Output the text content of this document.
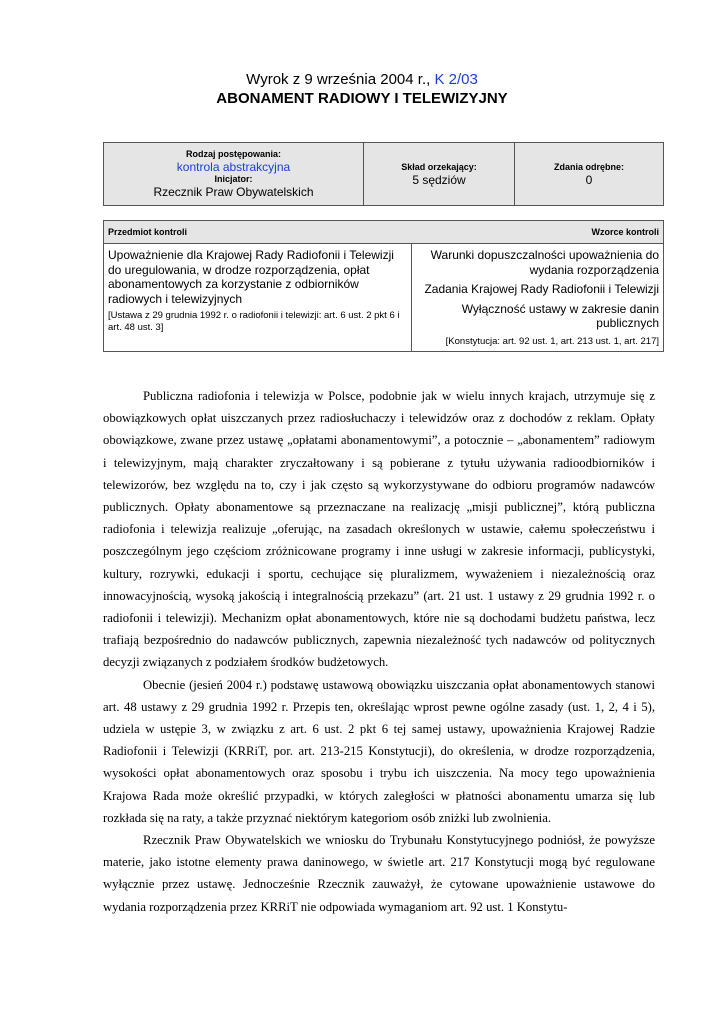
Wyrok z 9 września 2004 r., K 2/03
ABONAMENT RADIOWY I TELEWIZYJNY
Rodzaj postępowania:
kontrola abstrakcyjna
Inicjator:
Rzecznik Praw Obywatelskich
Skład orzekający:
5 sędziów
Zdania odrębne:
0
Przedmiot kontroli	Wzorce kontroli
Upoważnienie dla Krajowej Rady Radiofonii i Telewizji do uregulowania, w drodze rozporządzenia, opłat abonamentowych za korzystanie z odbiorników radiowych i telewizyjnych
[Ustawa z 29 grudnia 1992 r. o radiofonii i telewizji: art. 6 ust. 2 pkt 6 i art. 48 ust. 3]
Warunki dopuszczalności upoważnienia do wydania rozporządzenia
Zadania Krajowej Rady Radiofonii i Telewizji
Wyłączność ustawy w zakresie danin publicznych
[Konstytucja: art. 92 ust. 1, art. 213 ust. 1, art. 217]

Publiczna radiofonia i telewizja w Polsce, podobnie jak w wielu innych krajach, utrzymuje się z obowiązkowych opłat uiszczanych przez radiosłuchaczy i telewidzów oraz z dochodów z reklam. Opłaty obowiązkowe, zwane przez ustawę „opłatami abonamentowymi”, a potocznie – „abonamentem” radiowym i telewizyjnym, mają charakter zryczałtowany i są pobierane z tytułu używania radioodbiorników i telewizorów, bez względu na to, czy i jak często są wykorzystywane do odbioru programów nadawców publicznych. Opłaty abonamentowe są przeznaczane na realizację „misji publicznej”, którą publiczna radiofonia i telewizja realizuje „oferując, na zasadach określonych w ustawie, całemu społeczeństwu i poszczególnym jego częściom zróżnicowane programy i inne usługi w zakresie informacji, publicystyki, kultury, rozrywki, edukacji i sportu, cechujące się pluralizmem, wyważeniem i niezależnością oraz innowacyjnością, wysoką jakością i integralnością przekazu” (art. 21 ust. 1 ustawy z 29 grudnia 1992 r. o radiofonii i telewizji). Mechanizm opłat abonamentowych, które nie są dochodami budżetu państwa, lecz trafiają bezpośrednio do nadawców publicznych, zapewnia niezależność tych nadawców od politycznych decyzji związanych z podziałem środków budżetowych.

Obecnie (jesień 2004 r.) podstawę ustawową obowiązku uiszczania opłat abonamentowych stanowi art. 48 ustawy z 29 grudnia 1992 r. Przepis ten, określając wprost pewne ogólne zasady (ust. 1, 2, 4 i 5), udziela w ustępie 3, w związku z art. 6 ust. 2 pkt 6 tej samej ustawy, upoważnienia Krajowej Radzie Radiofonii i Telewizji (KRRiT, por. art. 213-215 Konstytucji), do określenia, w drodze rozporządzenia, wysokości opłat abonamentowych oraz sposobu i trybu ich uiszczenia. Na mocy tego upoważnienia Krajowa Rada może określić przypadki, w których zaległości w płatności abonamentu umarza się lub rozkłada się na raty, a także przyznać niektórym kategoriom osób zniżki lub zwolnienia.

Rzecznik Praw Obywatelskich we wniosku do Trybunału Konstytucyjnego podniósł, że powyższe materie, jako istotne elementy prawa daninowego, w świetle art. 217 Konstytucji mogą być regulowane wyłącznie przez ustawę. Jednocześnie Rzecznik zauważył, że cytowane upoważnienie ustawowe do wydania rozporządzenia przez KRRiT nie odpowiada wymaganiom art. 92 ust. 1 Konstytu-
